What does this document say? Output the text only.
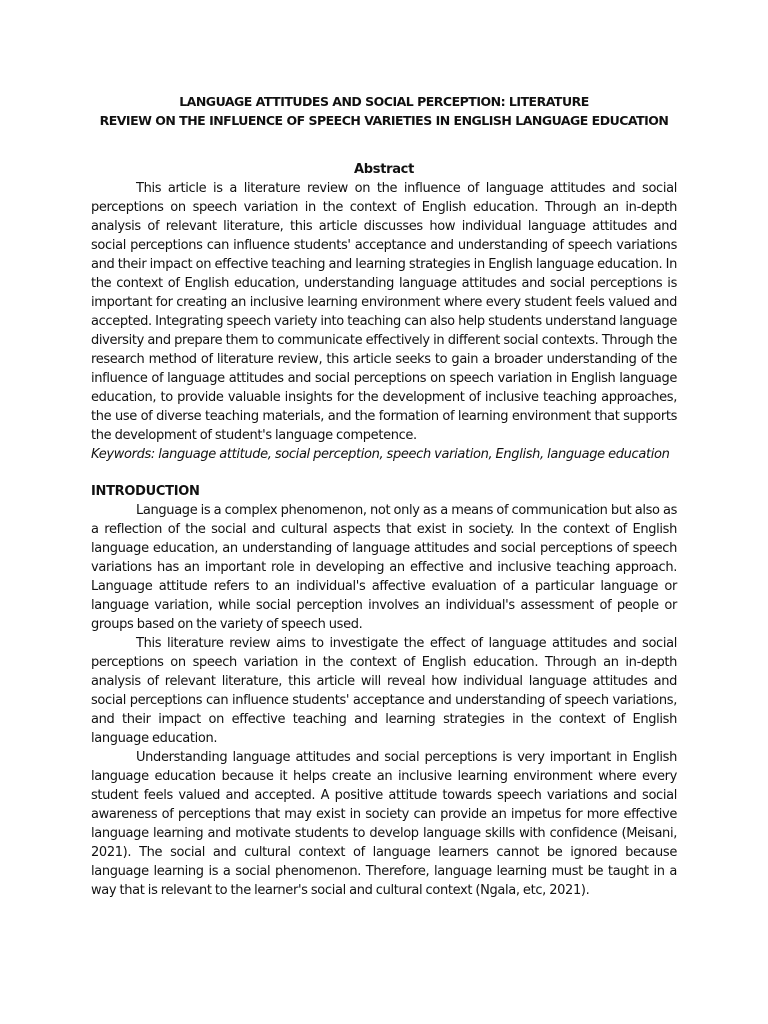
LANGUAGE ATTITUDES AND SOCIAL PERCEPTION: LITERATURE
REVIEW ON THE INFLUENCE OF SPEECH VARIETIES IN ENGLISH LANGUAGE EDUCATION
Abstract

This article is a literature review on the influence of language attitudes and social perceptions on speech variation in the context of English education. Through an in-depth analysis of relevant literature, this article discusses how individual language attitudes and social perceptions can influence students' acceptance and understanding of speech variations and their impact on effective teaching and learning strategies in English language education. In the context of English education, understanding language attitudes and social perceptions is important for creating an inclusive learning environment where every student feels valued and accepted. Integrating speech variety into teaching can also help students understand language diversity and prepare them to communicate effectively in different social contexts. Through the research method of literature review, this article seeks to gain a broader understanding of the influence of language attitudes and social perceptions on speech variation in English language education, to provide valuable insights for the development of inclusive teaching approaches, the use of diverse teaching materials, and the formation of learning environment that supports the development of student's language competence.

Keywords: language attitude, social perception, speech variation, English, language education
INTRODUCTION

Language is a complex phenomenon, not only as a means of communication but also as a reflection of the social and cultural aspects that exist in society. In the context of English language education, an understanding of language attitudes and social perceptions of speech variations has an important role in developing an effective and inclusive teaching approach. Language attitude refers to an individual's affective evaluation of a particular language or language variation, while social perception involves an individual's assessment of people or groups based on the variety of speech used.

This literature review aims to investigate the effect of language attitudes and social perceptions on speech variation in the context of English education. Through an in-depth analysis of relevant literature, this article will reveal how individual language attitudes and social perceptions can influence students' acceptance and understanding of speech variations, and their impact on effective teaching and learning strategies in the context of English language education.

Understanding language attitudes and social perceptions is very important in English language education because it helps create an inclusive learning environment where every student feels valued and accepted. A positive attitude towards speech variations and social awareness of perceptions that may exist in society can provide an impetus for more effective language learning and motivate students to develop language skills with confidence (Meisani, 2021). The social and cultural context of language learners cannot be ignored because language learning is a social phenomenon. Therefore, language learning must be taught in a way that is relevant to the learner's social and cultural context (Ngala, etc, 2021).
